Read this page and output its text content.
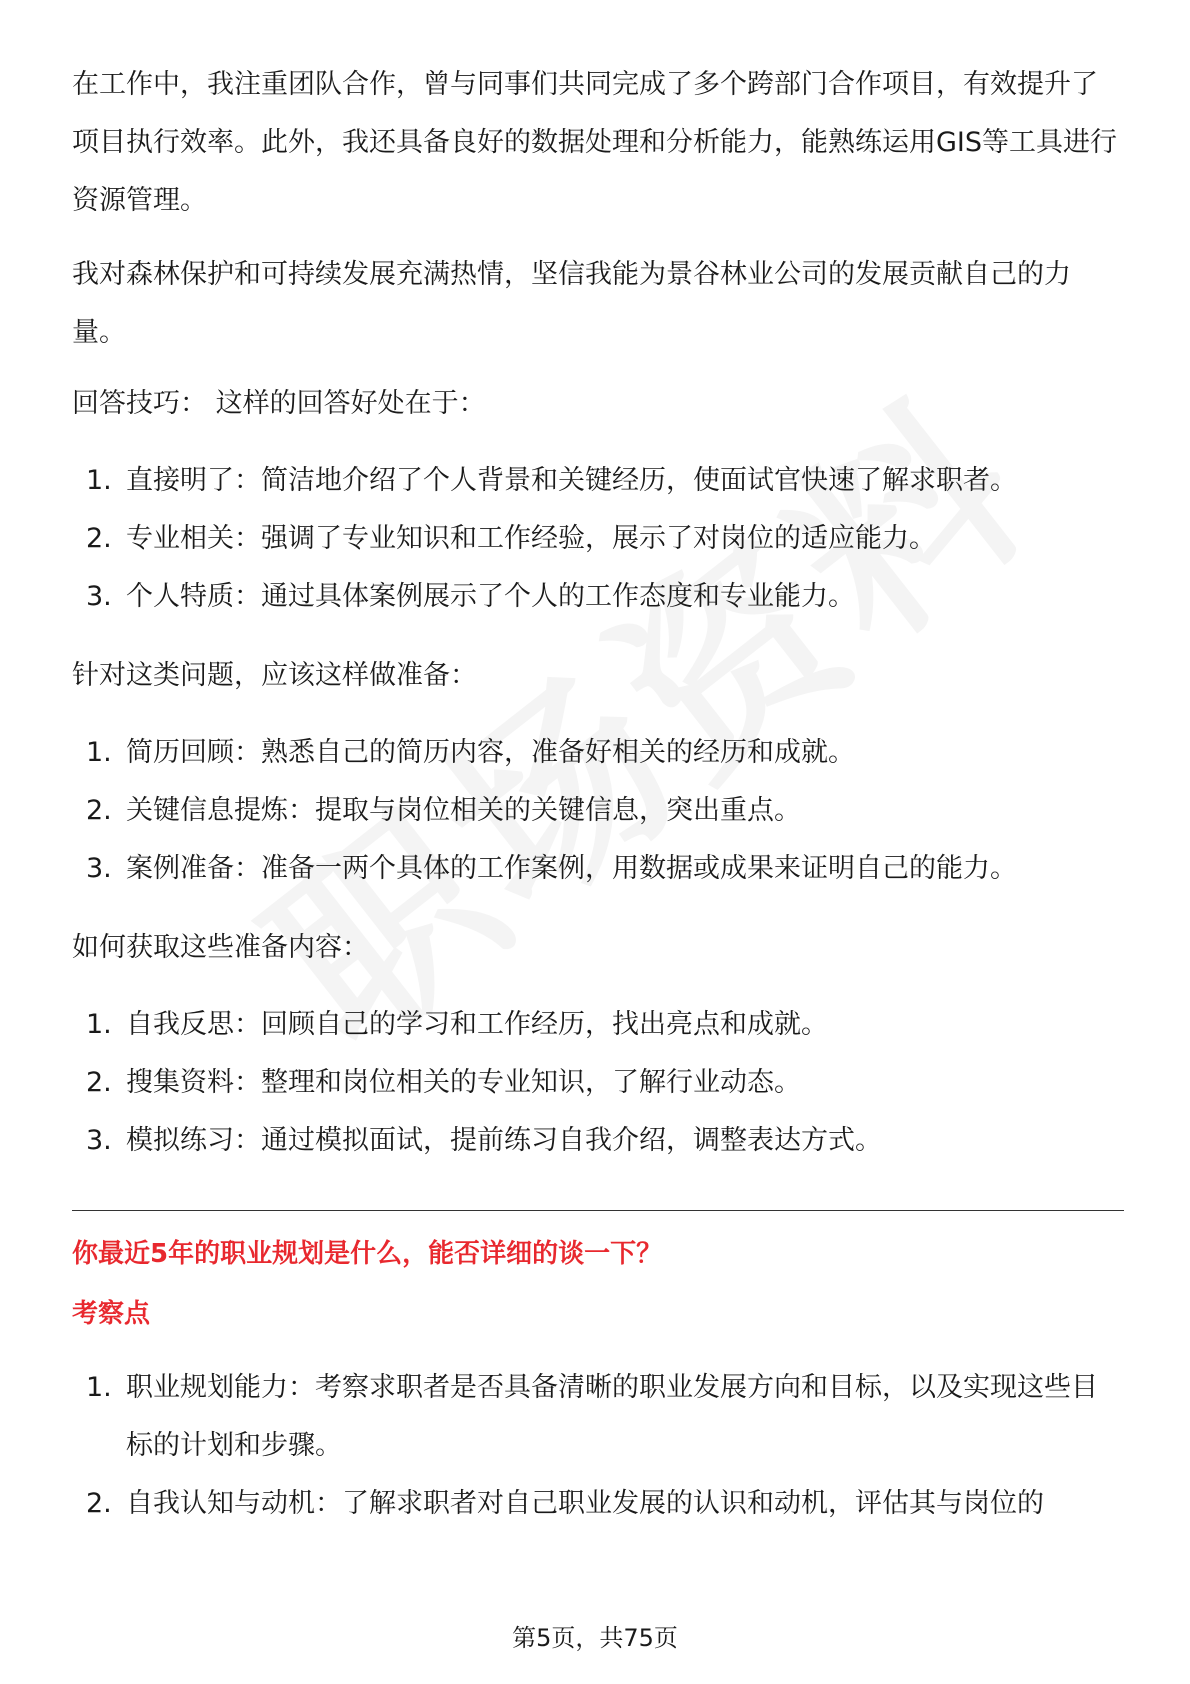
在工作中，我注重团队合作，曾与同事们共同完成了多个跨部门合作项目，有效提升了项目执行效率。此外，我还具备良好的数据处理和分析能力，能熟练运用GIS等工具进行资源管理。

我对森林保护和可持续发展充满热情，坚信我能为景谷林业公司的发展贡献自己的力量。

回答技巧： 这样的回答好处在于：

1. 直接明了：简洁地介绍了个人背景和关键经历，使面试官快速了解求职者。
2. 专业相关：强调了专业知识和工作经验，展示了对岗位的适应能力。
3. 个人特质：通过具体案例展示了个人的工作态度和专业能力。

针对这类问题，应该这样做准备：

1. 简历回顾：熟悉自己的简历内容，准备好相关的经历和成就。
2. 关键信息提炼：提取与岗位相关的关键信息，突出重点。
3. 案例准备：准备一两个具体的工作案例，用数据或成果来证明自己的能力。

如何获取这些准备内容：

1. 自我反思：回顾自己的学习和工作经历，找出亮点和成就。
2. 搜集资料：整理和岗位相关的专业知识，了解行业动态。
3. 模拟练习：通过模拟面试，提前练习自我介绍，调整表达方式。

你最近5年的职业规划是什么，能否详细的谈一下？

考察点

1. 职业规划能力：考察求职者是否具备清晰的职业发展方向和目标，以及实现这些目标的计划和步骤。
2. 自我认知与动机：了解求职者对自己职业发展的认识和动机，评估其与岗位的
第5页，共75页
